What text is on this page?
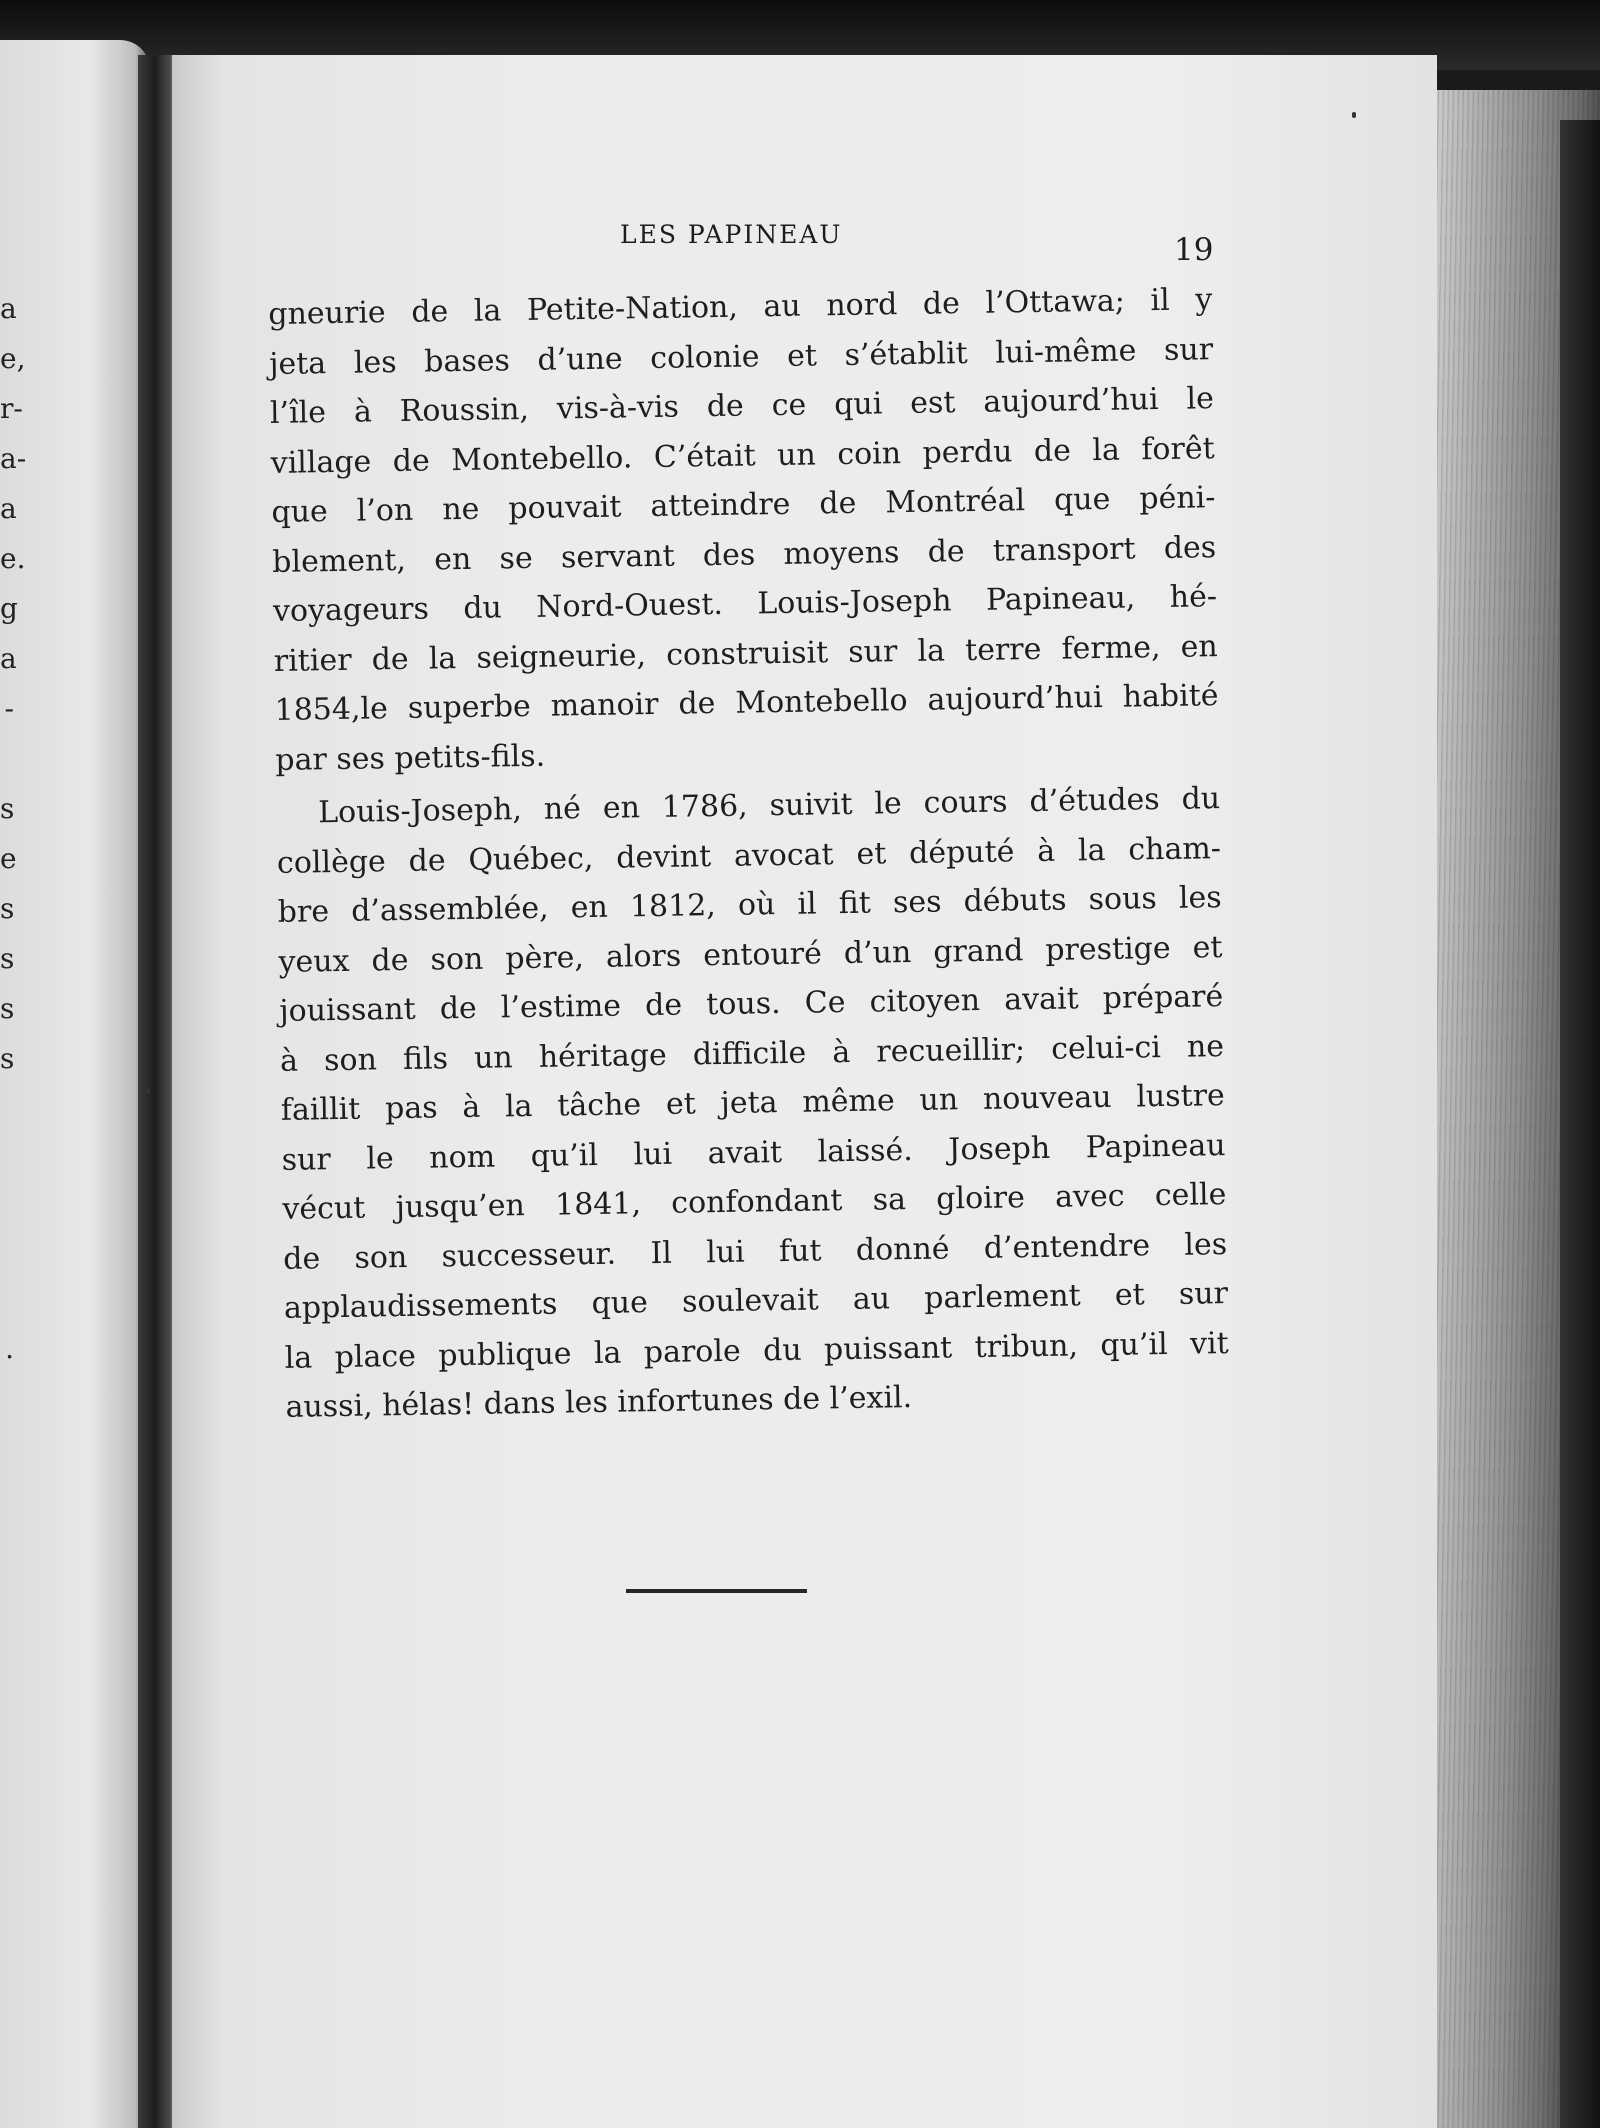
a
e,
r-
a-
a
e.
g
a
-
s
e
s
s
s
s
.
LES PAPINEAU	19
gneurie de la Petite-Nation, au nord de l’Ottawa; il y
jeta les bases d’une colonie et s’établit lui-même sur
l’île à Roussin, vis-à-vis de ce qui est aujourd’hui le
village de Montebello. C’était un coin perdu de la forêt
que l’on ne pouvait atteindre de Montréal que péni-
blement, en se servant des moyens de transport des
voyageurs du Nord-Ouest. Louis-Joseph Papineau, hé-
ritier de la seigneurie, construisit sur la terre ferme, en
1854,le superbe manoir de Montebello aujourd’hui habité
par ses petits-fils.
Louis-Joseph, né en 1786, suivit le cours d’études du
collège de Québec, devint avocat et député à la cham-
bre d’assemblée, en 1812, où il fit ses débuts sous les
yeux de son père, alors entouré d’un grand prestige et
jouissant de l’estime de tous. Ce citoyen avait préparé
à son fils un héritage difficile à recueillir; celui-ci ne
faillit pas à la tâche et jeta même un nouveau lustre
sur le nom qu’il lui avait laissé. Joseph Papineau
vécut jusqu’en 1841, confondant sa gloire avec celle
de son successeur. Il lui fut donné d’entendre les
applaudissements que soulevait au parlement et sur
la place publique la parole du puissant tribun, qu’il vit
aussi, hélas! dans les infortunes de l’exil.
